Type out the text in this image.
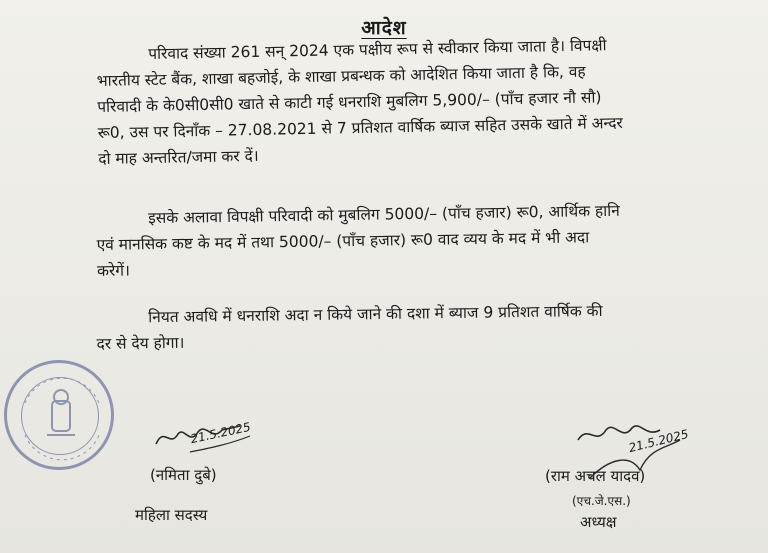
आदेश
परिवाद संख्या 261 सन् 2024 एक पक्षीय रूप से स्वीकार किया जाता है। विपक्षी
भारतीय स्टेट बैंक, शाखा बहजोई, के शाखा प्रबन्धक को आदेशित किया जाता है कि, वह
परिवादी के के0सी0सी0 खाते से काटी गई धनराशि मुबलिग 5,900/– (पाँच हजार नौ सौ)
रू0, उस पर दिनाँक – 27.08.2021 से 7 प्रतिशत वार्षिक ब्याज सहित उसके खाते में अन्दर
दो माह अन्तरित/जमा कर दें।
इसके अलावा विपक्षी परिवादी को मुबलिग 5000/– (पाँच हजार) रू0, आर्थिक हानि
एवं मानसिक कष्ट के मद में तथा 5000/– (पाँच हजार) रू0 वाद व्यय के मद में भी अदा
करेगें।
नियत अवधि में धनराशि अदा न किये जाने की दशा में ब्याज 9 प्रतिशत वार्षिक की
दर से देय होगा।
21.5.2025
(नमिता दुबे)
महिला सदस्य
21.5.2025
(राम अचल यादव)
(एच.जे.एस.)
अध्यक्ष
